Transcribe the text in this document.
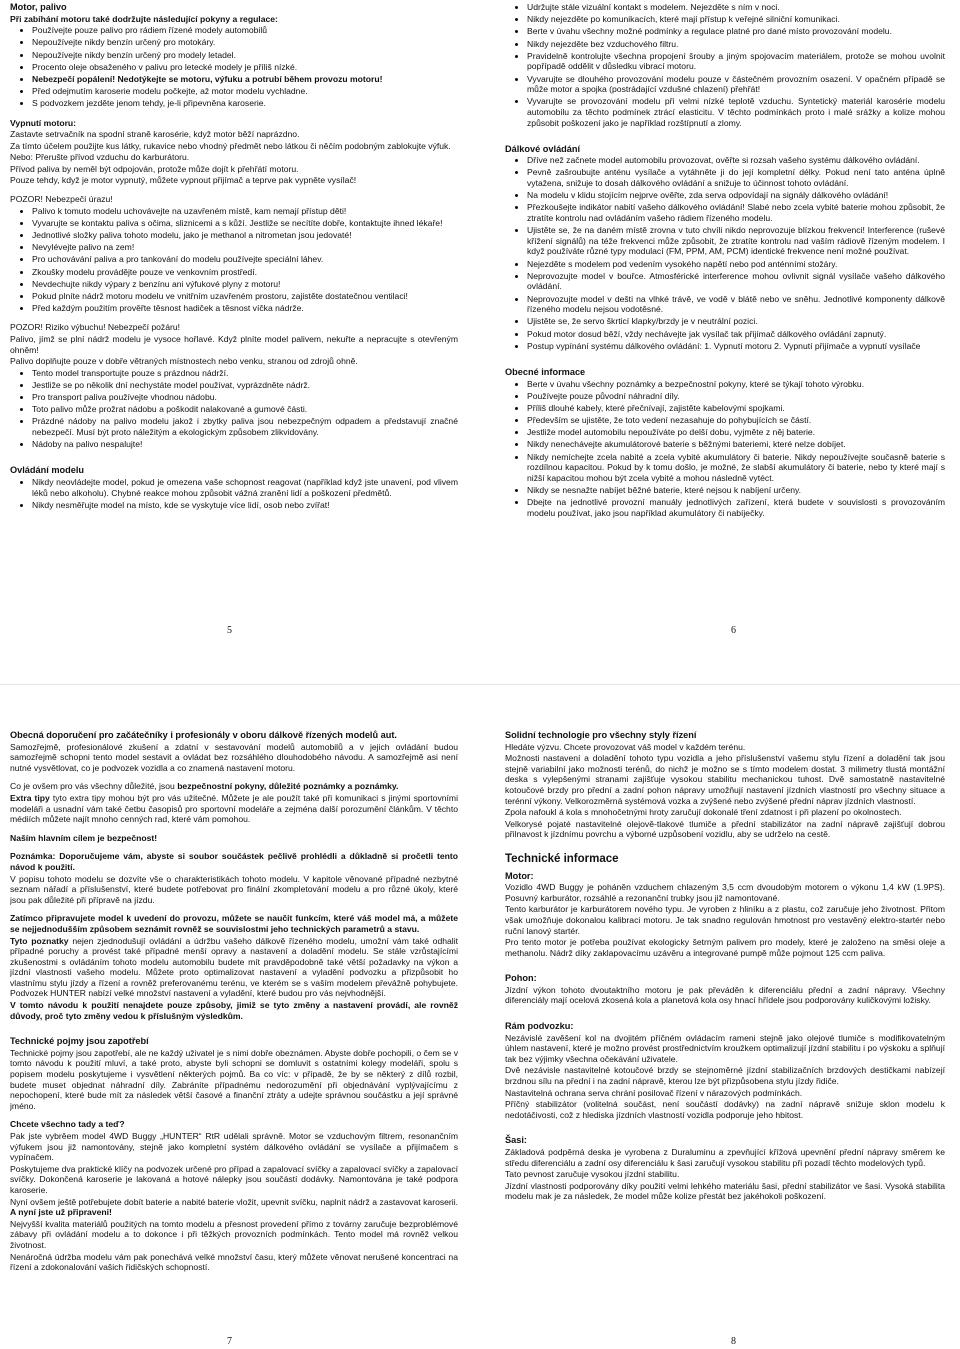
Motor, palivo
Při zabíhání motoru také dodržujte následující pokyny a regulace:
• Používejte pouze palivo pro rádiem řízené modely automobilů
• Nepoužívejte nikdy benzín určený pro motokáry.
• Nepoužívejte nikdy benzín určený pro modely letadel.
• Procento oleje obsaženého v palivu pro letecké modely je příliš nízké.
• Nebezpečí popálení! Nedotýkejte se motoru, výfuku a potrubí během provozu motoru!
• Před odejmutím karoserie modelu počkejte, až motor modelu vychladne.
• S podvozkem jezděte jenom tehdy, je-li připevněna karoserie.
Vypnutí motoru:
Zastavte setrvačník na spodní straně karosérie, když motor běží naprázdno.
Za tímto účelem použijte kus látky, rukavice nebo vhodný předmět nebo látkou či něčím podobným zablokujte výfuk.
Nebo: Přerušte přívod vzduchu do karburátoru.
Přívod paliva by neměl být odpojován, protože může dojít k přehřátí motoru.
Pouze tehdy, když je motor vypnutý, můžete vypnout přijímač a teprve pak vypněte vysílač!
POZOR! Nebezpečí úrazu!
• Palivo k tomuto modelu uchovávejte na uzavřeném místě, kam nemají přístup děti!
• Vyvarujte se kontaktu paliva s očima, sliznicemi a s kůží. Jestliže se necítíte dobře, kontaktujte ihned lékaře!
• Jednotlivé složky paliva tohoto modelu, jako je methanol a nitrometan jsou jedovaté!
• Nevylévejte palivo na zem!
• Pro uchovávání paliva a pro tankování do modelu používejte speciální láhev.
• Zkoušky modelu provádějte pouze ve venkovním prostředí.
• Nevdechujte nikdy výpary z benzínu ani výfukové plyny z motoru!
• Pokud plníte nádrž motoru modelu ve vnitřním uzavřeném prostoru, zajistěte dostatečnou ventilaci!
• Před každým použitím prověřte těsnost hadiček a těsnost víčka nádrže.
POZOR! Riziko výbuchu! Nebezpečí požáru!
Palivo, jímž se plní nádrž modelu je vysoce hořlavé. Když plníte model palivem, nekuřte a nepracujte s otevřeným ohněm!
Palivo doplňujte pouze v dobře větraných místnostech nebo venku, stranou od zdrojů ohně.
• Tento model transportujte pouze s prázdnou nádrží.
• Jestliže se po několik dní nechystáte model používat, vyprázdněte nádrž.
• Pro transport paliva používejte vhodnou nádobu.
• Toto palivo může prožrat nádobu a poškodit nalakované a gumové části.
• Prázdné nádoby na palivo modelu jakož i zbytky paliva jsou nebezpečným odpadem a představují značné nebezpečí. Musí být proto náležitým a ekologickým způsobem zlikvidovány.
• Nádoby na palivo nespalujte!
Ovládání modelu
• Nikdy neovládejte model, pokud je omezena vaše schopnost reagovat (například když jste unavení, pod vlivem léků nebo alkoholu). Chybné reakce mohou způsobit vážná zranění lidí a poškození předmětů.
• Nikdy nesměřujte model na místo, kde se vyskytuje více lidí, osob nebo zvířat!
5
• Udržujte stále vizuální kontakt s modelem. Nejezděte s ním v noci.
• Nikdy nejezděte po komunikacích, které mají přístup k veřejné silniční komunikaci.
• Berte v úvahu všechny možné podmínky a regulace platné pro dané místo provozování modelu.
• Nikdy nejezděte bez vzduchového filtru.
• Pravidelně kontrolujte všechna propojení šrouby a jiným spojovacím materiálem, protože se mohou uvolnit popřípadě oddělit v důsledku vibrací motoru.
• Vyvarujte se dlouhého provozování modelu pouze v částečném provozním osazení. V opačném případě se může motor a spojka (postrádající vzdušné chlazení) přehřát!
• Vyvarujte se provozování modelu při velmi nízké teplotě vzduchu. Syntetický materiál karosérie modelu automobilu za těchto podmínek ztrácí elasticitu. V těchto podmínkách proto i malé srážky a kolize mohou způsobit poškození jako je například rozštípnutí a zlomy.
Dálkové ovládání
• Dříve než začnete model automobilu provozovat, ověřte si rozsah vašeho systému dálkového ovládání.
• Pevně zašroubujte anténu vysílače a vytáhněte ji do její kompletní délky. Pokud není tato anténa úplně vytažena, snižuje to dosah dálkového ovládání a snižuje to účinnost tohoto ovládání.
• Na modelu v klidu stojícím nejprve ověřte, zda serva odpovídají na signály dálkového ovládání!
• Přezkoušejte indikátor nabití vašeho dálkového ovládání! Slabé nebo zcela vybité baterie mohou způsobit, že ztratíte kontrolu nad ovládáním vašeho rádiem řízeného modelu.
• Ujistěte se, že na daném místě zrovna v tuto chvíli nikdo neprovozuje blízkou frekvenci! Interference (ruševé křížení signálů) na téže frekvenci může způsobit, že ztratíte kontrolu nad vaším rádiově řízeným modelem. I když používáte různé typy modulací (FM, PPM, AM, PCM) identické frekvence není možné používat.
• Nejezděte s modelem pod vedením vysokého napětí nebo pod anténními stožáry.
• Neprovozujte model v bouřce. Atmosférické interference mohou ovlivnit signál vysílače vašeho dálkového ovládání.
• Neprovozujte model v dešti na vlhké trávě, ve vodě v blátě nebo ve sněhu. Jednotlivé komponenty dálkově řízeného modelu nejsou vodotěsné.
• Ujistěte se, že servo škrticí klapky/brzdy je v neutrální pozici.
• Pokud motor dosud běží, vždy nechávejte jak vysílač tak přijímač dálkového ovládání zapnutý.
• Postup vypínání systému dálkového ovládání: 1. Vypnutí motoru 2. Vypnutí přijímače a vypnutí vysílače
Obecné informace
• Berte v úvahu všechny poznámky a bezpečnostní pokyny, které se týkají tohoto výrobku.
• Používejte pouze původní náhradní díly.
• Příliš dlouhé kabely, které přečnívají, zajistěte kabelovými spojkami.
• Především se ujistěte, že toto vedení nezasahuje do pohybujících se částí.
• Jestliže model automobilu nepoužíváte po delší dobu, vyjměte z něj baterie.
• Nikdy nenechávejte akumulátorové baterie s běžnými bateriemi, které nelze dobíjet.
• Nikdy nemíchejte zcela nabité a zcela vybité akumulátory či baterie. Nikdy nepoužívejte současně baterie s rozdílnou kapacitou. Pokud by k tomu došlo, je možné, že slabší akumulátory či baterie, nebo ty které mají s nižší kapacitou mohou být zcela vybité a mohou následně vytéct.
• Nikdy se nesnažte nabíjet běžné baterie, které nejsou k nabíjení určeny.
• Dbejte na jednotlivé provozní manuály jednotlivých zařízení, která budete v souvislosti s provozováním modelu používat, jako jsou například akumulátory či nabíječky.
6
Obecná doporučení pro začátečníky i profesionály v oboru dálkově řízených modelů aut.
Samozřejmě, profesionálové zkušení a zdatní v sestavování modelů automobilů a v jejich ovládání budou samozřejmě schopni tento model sestavit a ovládat bez rozsáhlého dlouhodobého návodu. A samozřejmě asi není nutné vysvětlovat, co je podvozek vozidla a co znamená nastavení motoru.
Co je ovšem pro vás všechny důležité, jsou bezpečnostní pokyny, důležité poznámky a poznámky.
Extra tipy tyto extra tipy mohou být pro vás užitečné. Můžete je ale použít také při komunikaci s jinými sportovními modeláři a usnadní vám také četbu časopisů pro sportovní modeláře a zejména další porozumění článkům. V těchto médiích můžete najít mnoho cenných rad, které vám pomohou.
Naším hlavním cílem je bezpečnost!
Poznámka: Doporučujeme vám, abyste si soubor součástek pečlivě prohlédli a důkladně si pročetli tento návod k použití.
V popisu tohoto modelu se dozvíte vše o charakteristikách tohoto modelu. V kapitole věnované případné nezbytné seznam nářadí a příslušenství, které budete potřebovat pro finální zkompletování modelu a pro různé úkoly, které jsou pak důležité při přípravě na jízdu.
Zatímco připravujete model k uvedení do provozu, můžete se naučit funkcím, které váš model má, a můžete se nejjednodušším způsobem seznámit rovněž se souvislostmi jeho technických parametrů a stavu.
Tyto poznatky nejen zjednodušují ovládání a údržbu vašeho dálkově řízeného modelu, umožní vám také odhalit případné poruchy a provést také případné menší opravy a nastavení a doladění modelu. Se stále vzrůstajícími zkušenostmi s ovládáním tohoto modelu automobilu budete mít pravděpodobně také větší požadavky na výkon a jízdní vlastnosti vašeho modelu. Můžete proto optimalizovat nastavení a vyladění podvozku a přizpůsobit ho vlastnímu stylu jízdy a řízení a rovněž preferovanému terénu, ve kterém se s vaším modelem převážně pohybujete. Podvozek HUNTER nabízí velké množství nastavení a vyladění, které budou pro vás nejvhodnější.
V tomto návodu k použití nenajdete pouze způsoby, jimiž se tyto změny a nastavení provádí, ale rovněž důvody, proč tyto změny vedou k příslušným výsledkům.
Technické pojmy jsou zapotřebí
Technické pojmy jsou zapotřebí, ale ne každý uživatel je s nimi dobře obeznámen. Abyste dobře pochopili, o čem se v tomto návodu k použití mluví, a také proto, abyste byli schopni se domluvit s ostatními kolegy modeláři, spolu s popisem modelu poskytujeme i vysvětlení některých pojmů. Ba co víc: v případě, že by se některý z dílů rozbil, budete muset objednat náhradní díly. Zabráníte případnému nedorozumění při objednávání vyplývajícímu z nepochopení, které bude mít za následek větší časové a finanční ztráty a udejte správnou součástku a její správné jméno.
Chcete všechno tady a teď?
Pak jste vybrěem model 4WD Buggy „HUNTER“ RtR udělali správně. Motor se vzduchovým filtrem, resonančním výfukem jsou již namontovány, stejně jako kompletní systém dálkového ovládání se vysílače a přijímačem s vypínačem.
Poskytujeme dva praktické klíčy na podvozek určené pro případ a zapalovací svíčky a zapalovací svíčky a zapalovací svíčky. Dokončená karoserie je lakovaná a hotové nálepky jsou součástí dodávky. Namontována je také podpora karoserie.
Nyní ovšem ještě potřebujete dobít baterie a nabité baterie vložit, upevnit svíčku, naplnit nádrž a zastavovat karoserii. A nyní jste už připraveni!
Nejvyšší kvalita materiálů použitých na tomto modelu a přesnost provedení přímo z továrny zaručuje bezproblémové zábavy při ovládání modelu a to dokonce i při těžkých provozních podmínkách. Tento model má rovněž velkou životnost.
Nenáročná údržba modelu vám pak ponechává velké množství času, který můžete věnovat nerušené koncentraci na řízení a zdokonalování vašich řidičských schopností.
7
Solidní technologie pro všechny styly řízení
Hledáte výzvu. Chcete provozovat váš model v každém terénu.
Možnosti nastavení a doladění tohoto typu vozidla a jeho příslušenství vašemu stylu řízení a doladění tak jsou stejně variabilní jako možnosti terénů, do nichž je možno se s tímto modelem dostat. 3 milimetry tlustá montážní deska s vylepšenými stranami zajišťuje vysokou stabilitu mechanickou tuhost. Dvě samostatně nastavitelné kotoučové brzdy pro přední a zadní pohon nápravy umožňují nastavení jízdních vlastností pro všechny situace a terénní výkony. Velkorozměrná systémová vozka a zvýšené nebo zvýšené přední náprav jízdních vlastností.
Zpola nafoukl á kola s mnohočetnými hroty zaručují dokonalé tření zdatnost i při plazení po okolnostech.
Velkorysé pojaté nastavitelné olejově-tlakové tlumiče a přední stabilizátor na zadní nápravě zajišťují dobrou přilnavost k jízdnímu povrchu a výborné uzpůsobení vozidlu, aby se udrželo na cestě.
Technické informace
Motor:
Vozidlo 4WD Buggy je poháněn vzduchem chlazeným 3,5 ccm dvoudobým motorem o výkonu 1,4 kW (1.9PS). Posuvný karburátor, rozsáhlé a rezonanční trubky jsou již namontované.
Tento karburátor je karburátorem nového typu. Je vyroben z hliníku a z plastu, což zaručuje jeho životnost. Přitom však umožňuje dokonalou kalibraci motoru. Je tak snadno regulován hmotnost pro vestavěný elektro-startér nebo ruční lanový startér.
Pro tento motor je potřeba používat ekologicky šetrným palivem pro modely, které je založeno na směsi oleje a methanolu. Nádrž díky zaklapovacímu uzávěru a integrované pumpě může pojmout 125 ccm paliva.
Pohon:
Jízdní výkon tohoto dvoutaktního motoru je pak převáděn k diferenciálu přední a zadní nápravy. Všechny diferenciály mají ocelová zkosená kola a planetová kola osy hnací hřídele jsou podporovány kuličkovými ložisky.
Rám podvozku:
Nezávislé zavěšení kol na dvojitém příčném ovládacím rameni stejně jako olejové tlumiče s modifikovatelným úhlem nastavení, které je možno provést prostřednictvím kroužkem optimalizují jízdní stabilitu i po výskoku a splňují tak bez výjimky všechna očekávání uživatele.
Dvě nezávisle nastavitelné kotoučové brzdy se stejnoměrné jízdní stabilizačních brzdových destičkami nabízejí brzdnou sílu na přední i na zadní nápravě, kterou lze být přizpůsobena stylu jízdy řidiče.
Nastavitelná ochrana serva chrání posilovač řízení v nárazových podmínkách.
Příčný stabilizátor (volitelná součást, není součástí dodávky) na zadní nápravě snižuje sklon modelu k nedotáčivosti, což z hlediska jízdních vlastností vozidla podporuje jeho hbitost.
Šasi:
Základová podpěrná deska je vyrobena z Duraluminu a zpevňující křížová upevnění přední nápravy směrem ke středu diferenciálu a zadní osy diferenciálu k šasi zaručují vysokou stabilitu při pozadí těchto modelových typů.
Tato pevnost zaručuje vysokou jízdní stabilitu.
Jízdní vlastnosti podporovány díky použití velmi lehkého materiálu šasi, přední stabilizátor ve šasi. Vysoká stabilita modelu mak je za následek, že model může kolize přestát bez jakéhokoli poškození.
8
